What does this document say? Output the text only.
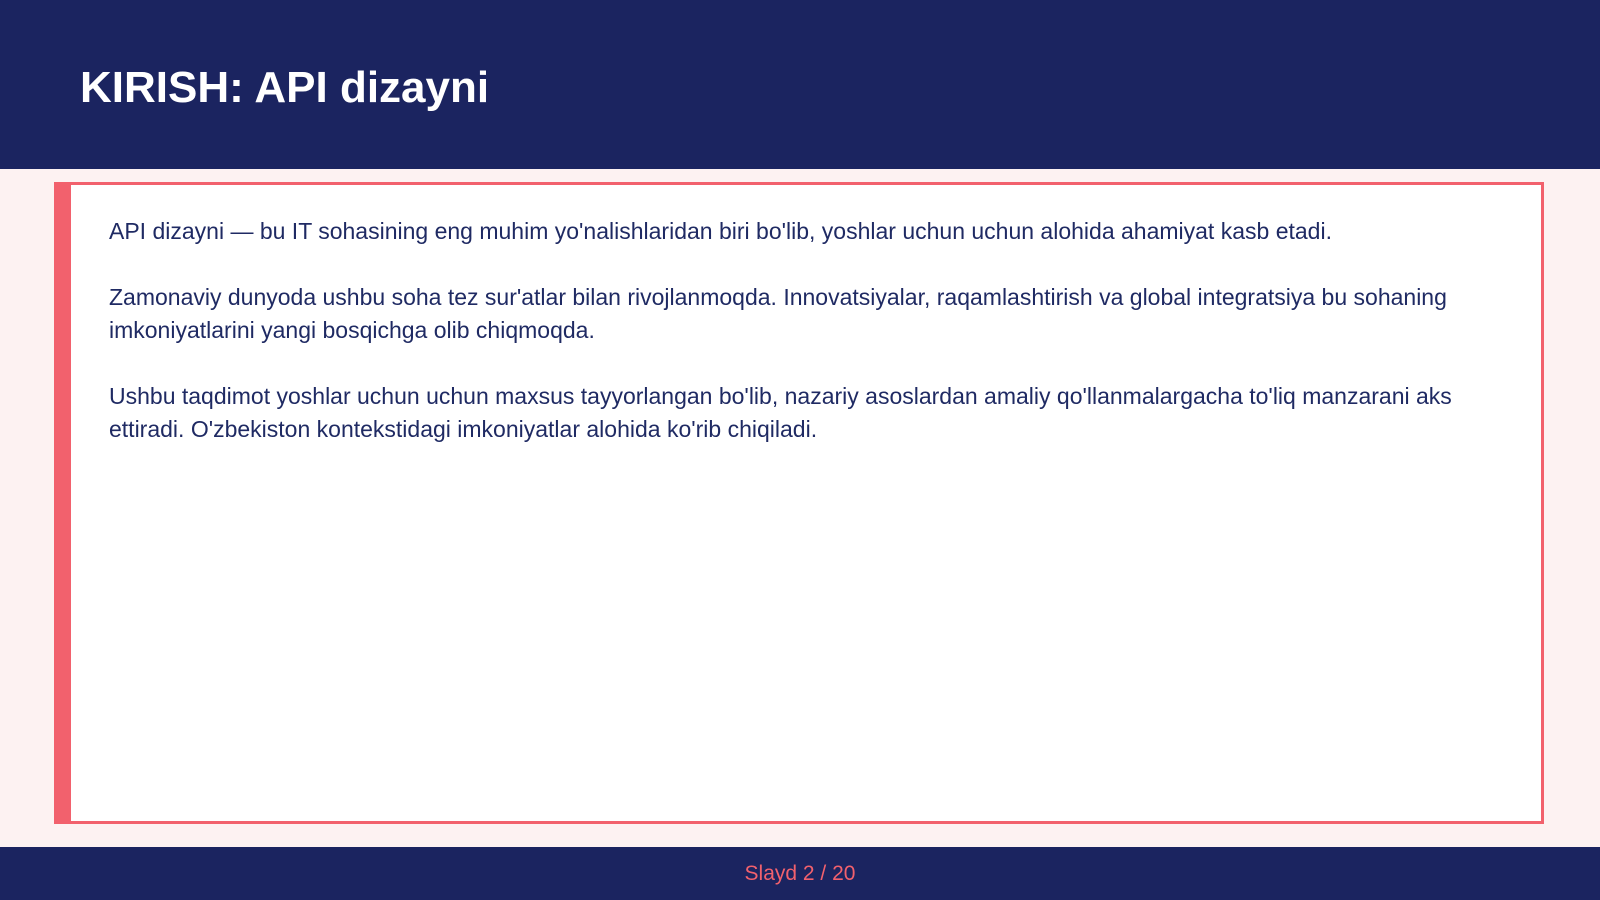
KIRISH: API dizayni

API dizayni — bu IT sohasining eng muhim yo'nalishlaridan biri bo'lib, yoshlar uchun uchun alohida ahamiyat kasb etadi.

Zamonaviy dunyoda ushbu soha tez sur'atlar bilan rivojlanmoqda. Innovatsiyalar, raqamlashtirish va global integratsiya bu sohaning imkoniyatlarini yangi bosqichga olib chiqmoqda.

Ushbu taqdimot yoshlar uchun uchun maxsus tayyorlangan bo'lib, nazariy asoslardan amaliy qo'llanmalargacha to'liq manzarani aks ettiradi. O'zbekiston kontekstidagi imkoniyatlar alohida ko'rib chiqiladi.

Slayd 2 / 20
